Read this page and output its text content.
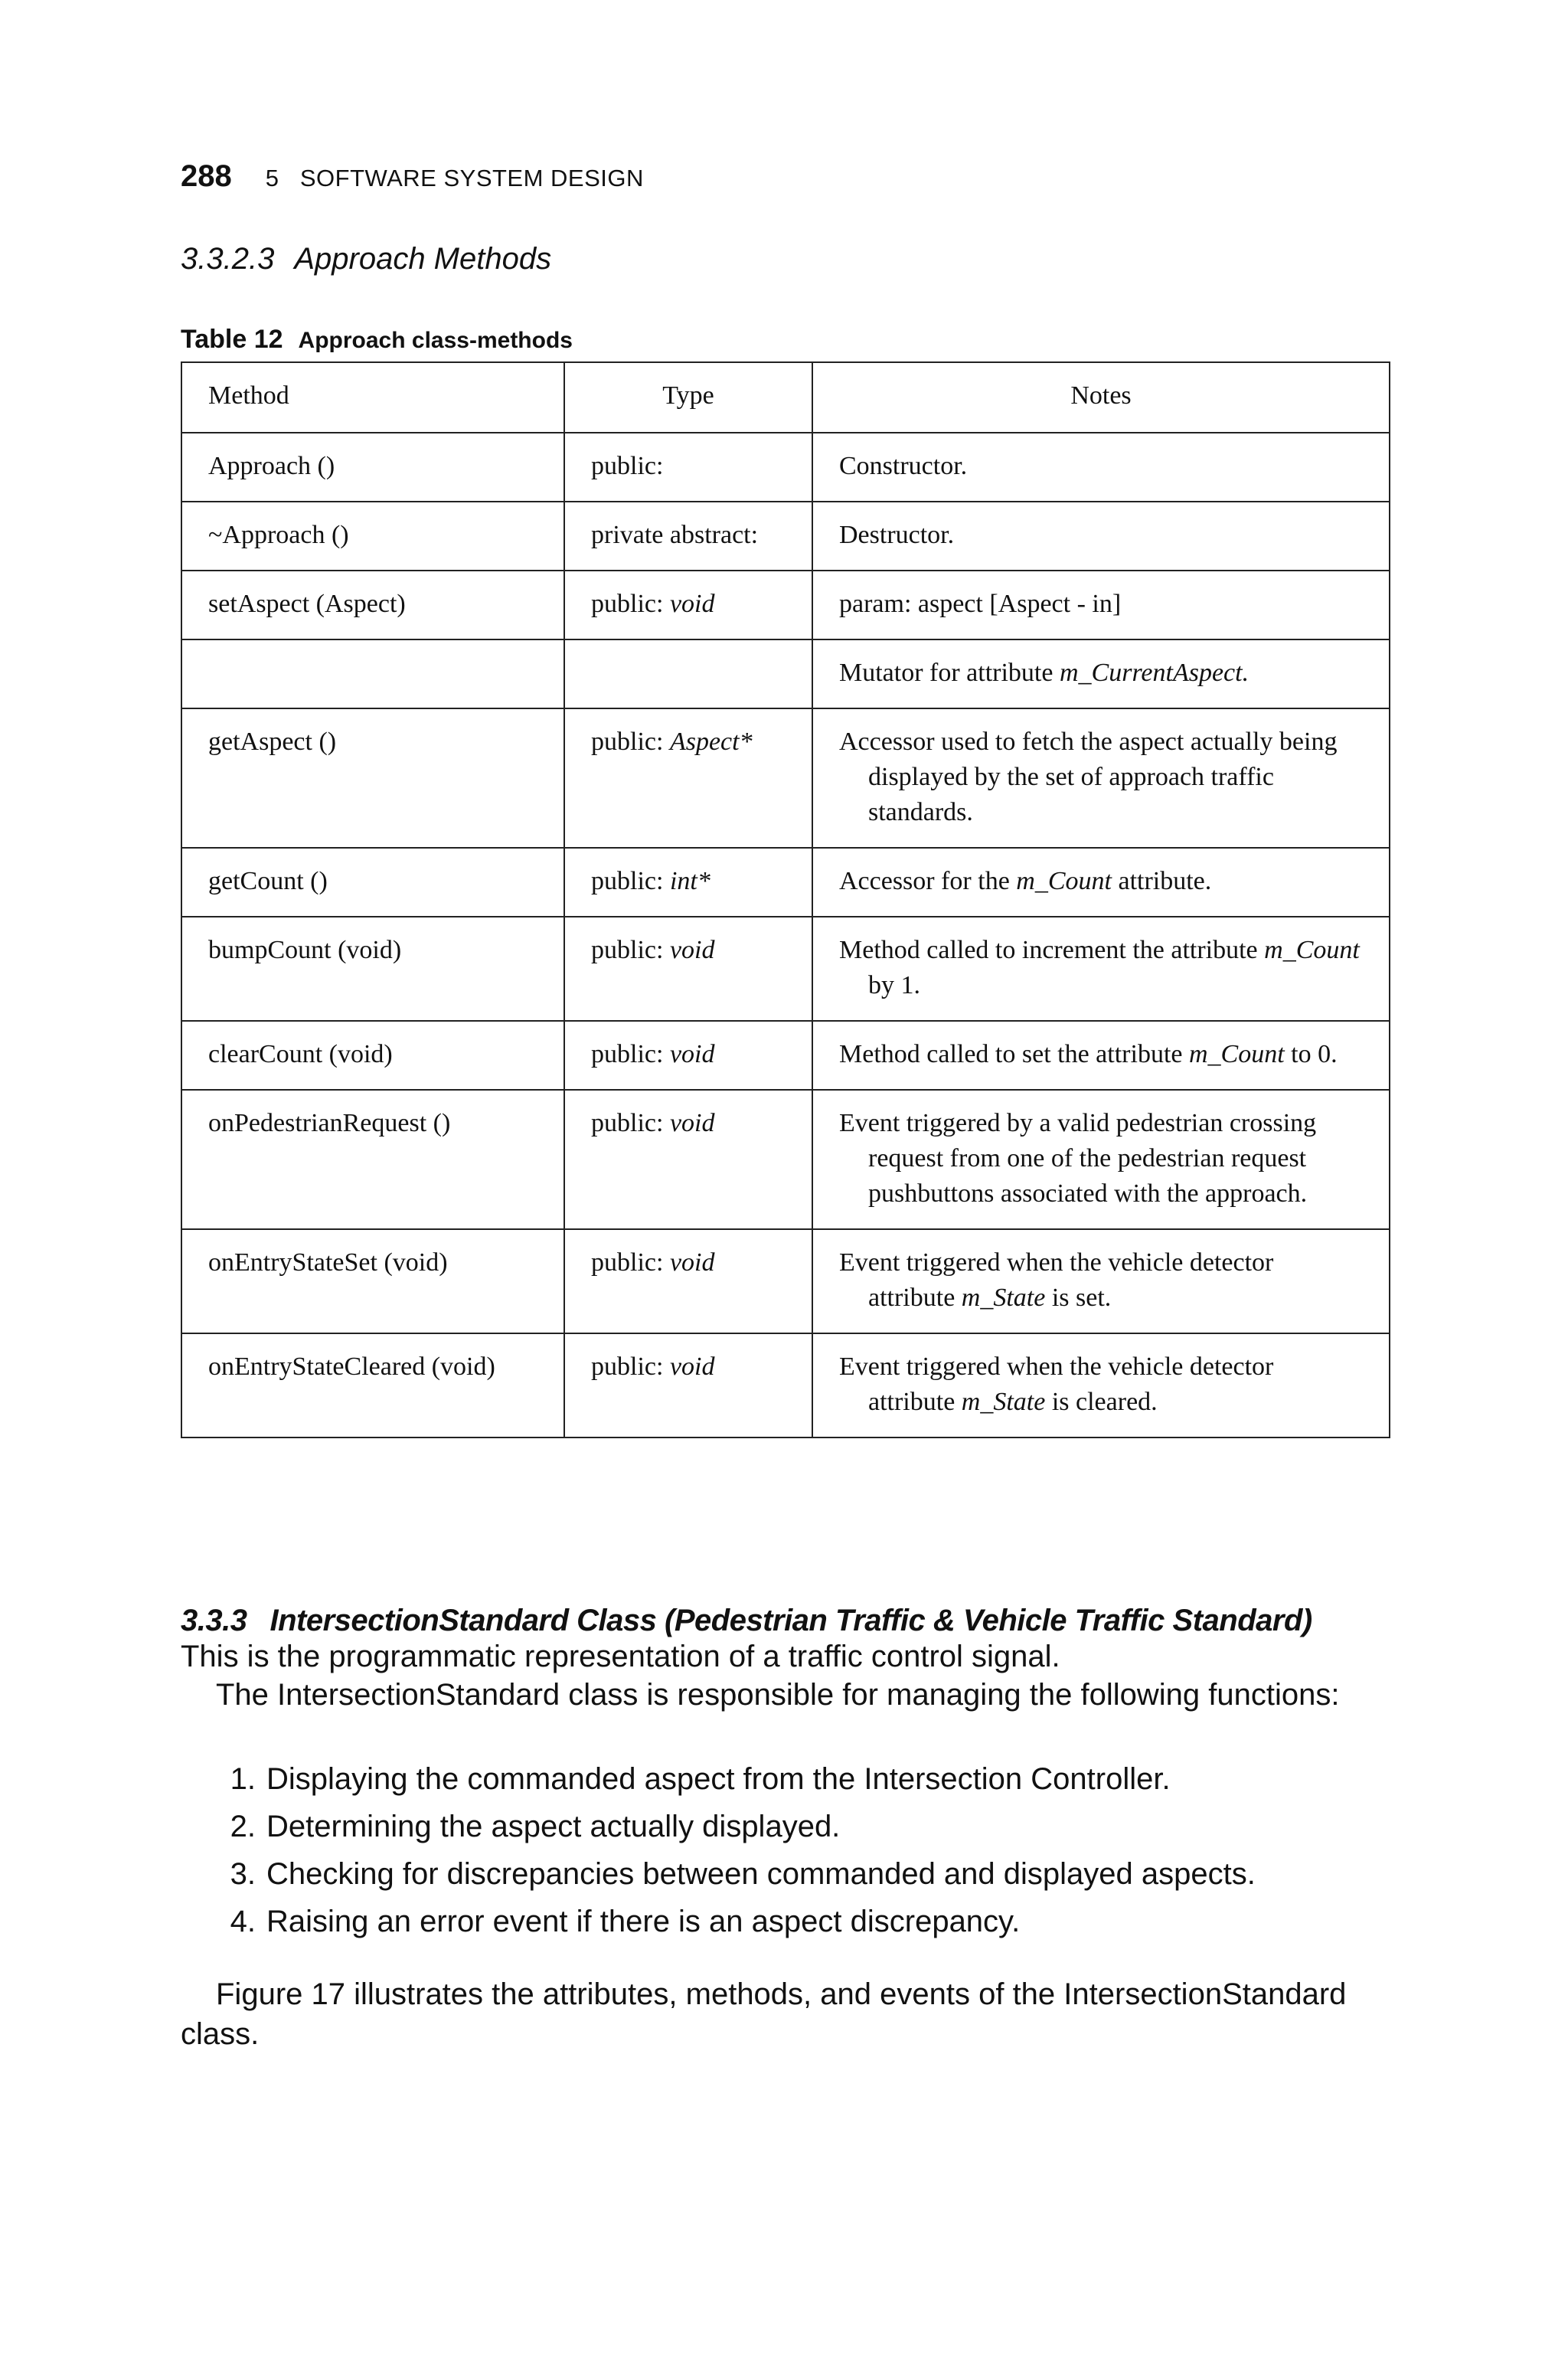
288 5 SOFTWARE SYSTEM DESIGN
3.3.2.3 Approach Methods
Table 12 Approach class-methods
Method	Type	Notes
Approach ()	public:	Constructor.

~Approach ()	private abstract:	Destructor.

setAspect (Aspect)	public: void	param: aspect [Aspect - in]

		Mutator for attribute m_CurrentAspect.

getAspect ()	public: Aspect*	Accessor used to fetch the aspect actually being displayed by the set of approach traffic standards.

getCount ()	public: int*	Accessor for the m_Count attribute.

bumpCount (void)	public: void	Method called to increment the attribute m_Count by 1.

clearCount (void)	public: void	Method called to set the attribute m_Count to 0.

onPedestrianRequest ()	public: void	Event triggered by a valid pedestrian crossing request from one of the pedestrian request pushbuttons associated with the approach.

onEntryStateSet (void)	public: void	Event triggered when the vehicle detector attribute m_State is set.

onEntryStateCleared (void)	public: void	Event triggered when the vehicle detector attribute m_State is cleared.
3.3.3 IntersectionStandard Class (Pedestrian Traffic & Vehicle Traffic Standard)
This is the programmatic representation of a traffic control signal.
The IntersectionStandard class is responsible for managing the following functions:
1. Displaying the commanded aspect from the Intersection Controller.
2. Determining the aspect actually displayed.
3. Checking for discrepancies between commanded and displayed aspects.
4. Raising an error event if there is an aspect discrepancy.
Figure 17 illustrates the attributes, methods, and events of the IntersectionStandard class.
